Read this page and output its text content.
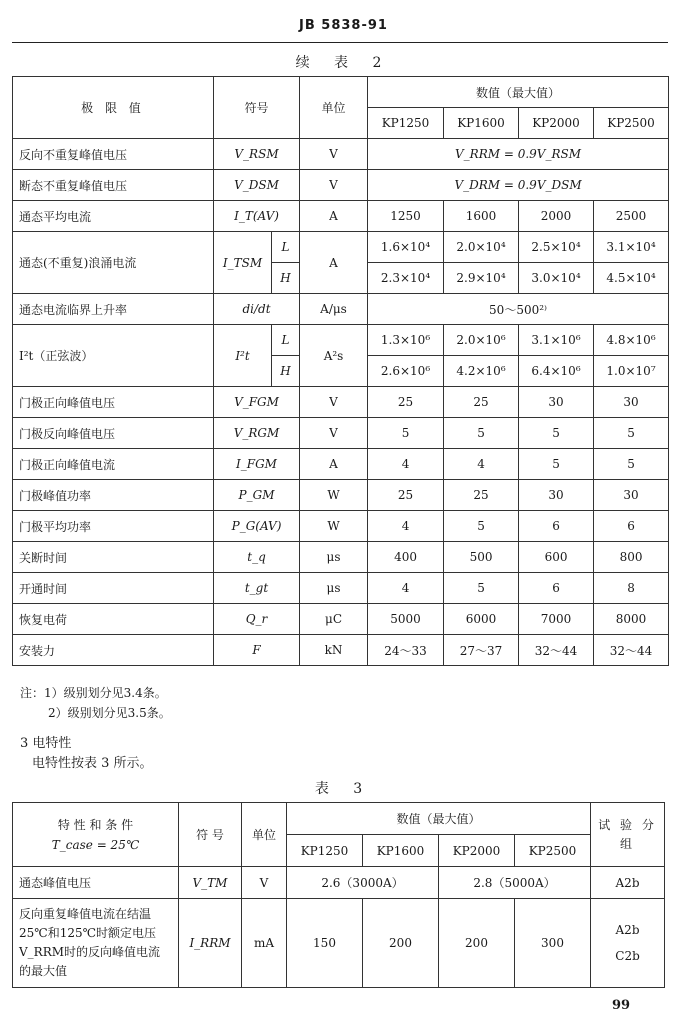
JB 5838-91
续 表 2
极 限 值	符号		单位	数值（最大值）			
				KP1250	KP1600	KP2000	KP2500
反向不重复峰值电压	V_RSM		V	V_RRM = 0.9V_RSM			
断态不重复峰值电压	V_DSM		V	V_DRM = 0.9V_DSM			
通态平均电流	I_T(AV)		A	1250	1600	2000	2500
通态(不重复)浪涌电流	I_TSM	L	A	1.6×10⁴	2.0×10⁴	2.5×10⁴	3.1×10⁴
		H		2.3×10⁴	2.9×10⁴	3.0×10⁴	4.5×10⁴
通态电流临界上升率	di/dt		A/μs	50～500²⁾			
I²t（正弦波）	I²t	L	A²s	1.3×10⁶	2.0×10⁶	3.1×10⁶	4.8×10⁶
		H		2.6×10⁶	4.2×10⁶	6.4×10⁶	1.0×10⁷
门极正向峰值电压	V_FGM		V	25	25	30	30
门极反向峰值电压	V_RGM		V	5	5	5	5
门极正向峰值电流	I_FGM		A	4	4	5	5
门极峰值功率	P_GM		W	25	25	30	30
门极平均功率	P_G(AV)		W	4	5	6	6
关断时间	t_q		μs	400	500	600	800
开通时间	t_gt		μs	4	5	6	8
恢复电荷	Q_r		μC	5000	6000	7000	8000
安装力	F		kN	24～33	27～37	32～44	32～44
注：1）级别划分见3.4条。
2）级别划分见3.5条。
3 电特性
电特性按表 3 所示。
表 3
特 性 和 条 件
T_case = 25℃	符 号	单位	数值（最大值）				试 验 分 组
			KP1250	KP1600	KP2000	KP2500	
通态峰值电压	V_TM	V	2.6（3000A）		2.8（5000A）		A2b
反向重复峰值电流在结温25℃和125℃时额定电压V_RRM时的反向峰值电流的最大值	I_RRM	mA	150	200	200	300	A2b
C2b
99
